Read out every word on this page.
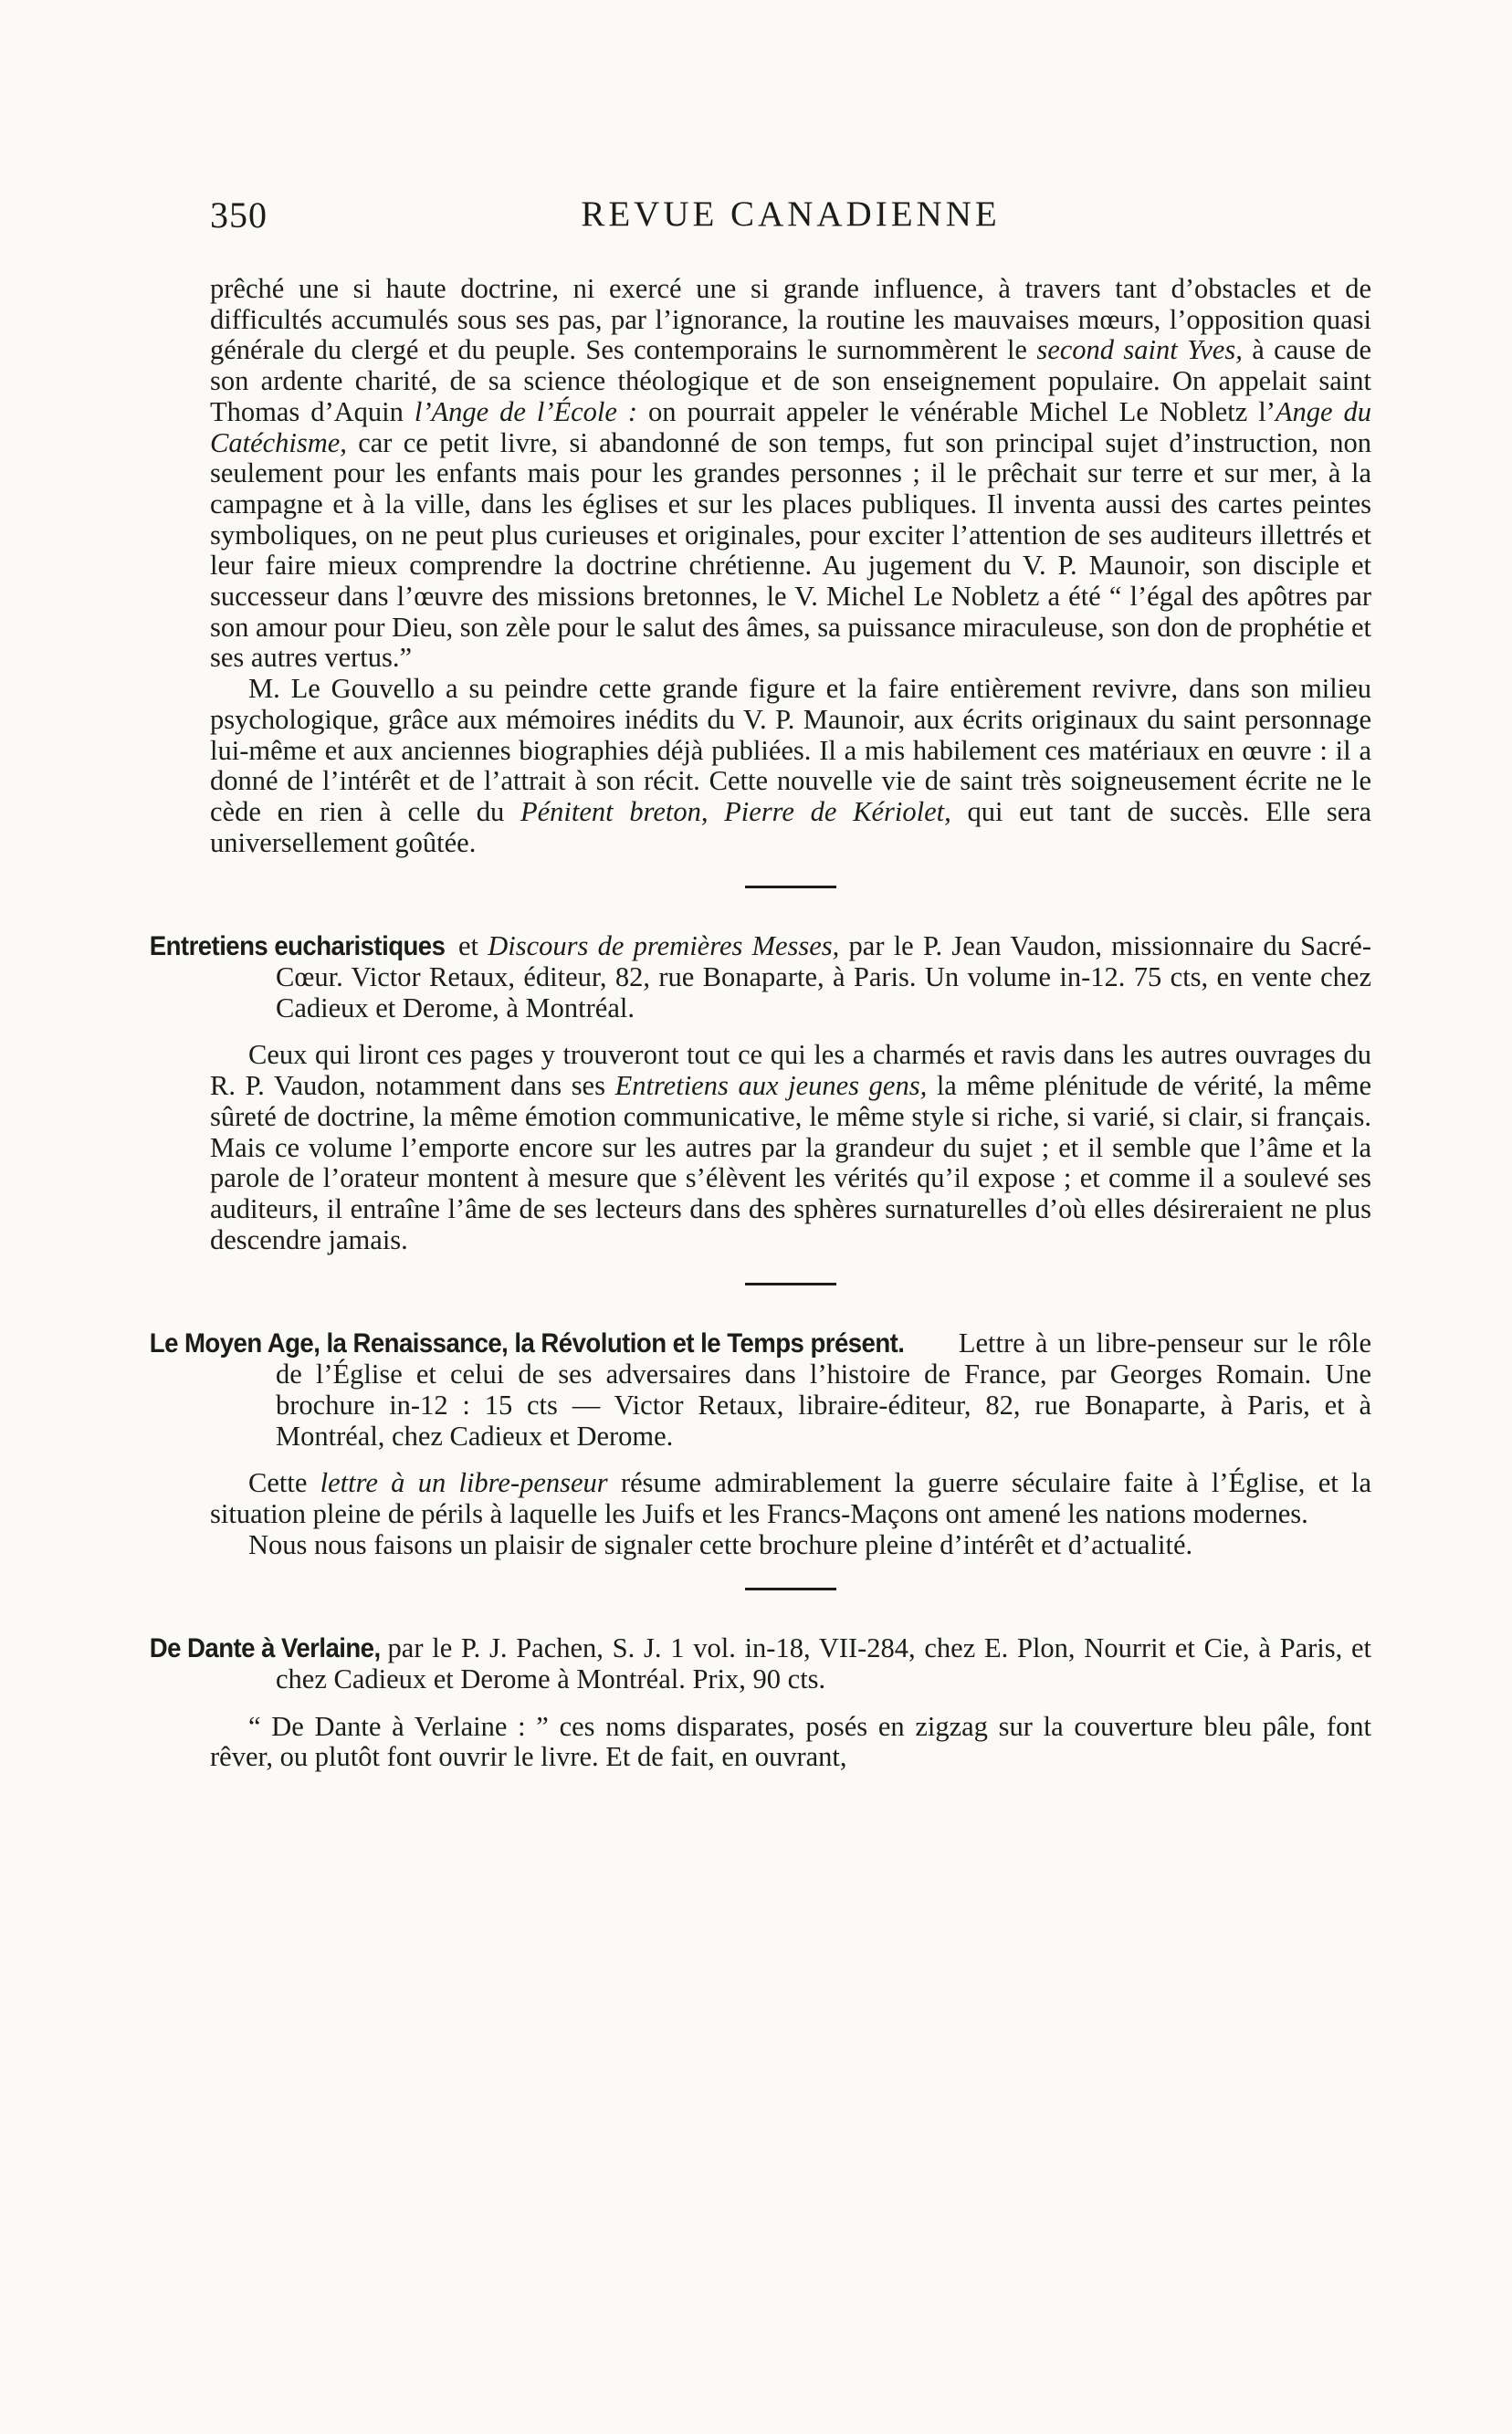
350	REVUE CANADIENNE

prêché une si haute doctrine, ni exercé une si grande influence, à travers tant d’obstacles et de difficultés accumulés sous ses pas, par l’ignorance, la routine les mauvaises mœurs, l’opposition quasi générale du clergé et du peuple. Ses contemporains le surnommèrent le second saint Yves, à cause de son ardente charité, de sa science théologique et de son enseignement populaire. On appelait saint Thomas d’Aquin l’Ange de l’École : on pourrait appeler le vénérable Michel Le Nobletz l’Ange du Catéchisme, car ce petit livre, si abandonné de son temps, fut son principal sujet d’instruction, non seulement pour les enfants mais pour les grandes personnes ; il le prêchait sur terre et sur mer, à la campagne et à la ville, dans les églises et sur les places publiques. Il inventa aussi des cartes peintes symboliques, on ne peut plus curieuses et originales, pour exciter l’attention de ses auditeurs illettrés et leur faire mieux comprendre la doctrine chrétienne. Au jugement du V. P. Maunoir, son disciple et successeur dans l’œuvre des missions bretonnes, le V. Michel Le Nobletz a été “ l’égal des apôtres par son amour pour Dieu, son zèle pour le salut des âmes, sa puissance miraculeuse, son don de prophétie et ses autres vertus.”

M. Le Gouvello a su peindre cette grande figure et la faire entièrement revivre, dans son milieu psychologique, grâce aux mémoires inédits du V. P. Maunoir, aux écrits originaux du saint personnage lui-même et aux anciennes biographies déjà publiées. Il a mis habilement ces matériaux en œuvre : il a donné de l’intérêt et de l’attrait à son récit. Cette nouvelle vie de saint très soigneusement écrite ne le cède en rien à celle du Pénitent breton, Pierre de Kériolet, qui eut tant de succès. Elle sera universellement goûtée.

Entretiens eucharistiques et Discours de premières Messes, par le P. Jean Vaudon, missionnaire du Sacré-Cœur. Victor Retaux, éditeur, 82, rue Bonaparte, à Paris. Un volume in-12. 75 cts, en vente chez Cadieux et Derome, à Montréal.

Ceux qui liront ces pages y trouveront tout ce qui les a charmés et ravis dans les autres ouvrages du R. P. Vaudon, notamment dans ses Entretiens aux jeunes gens, la même plénitude de vérité, la même sûreté de doctrine, la même émotion communicative, le même style si riche, si varié, si clair, si français. Mais ce volume l’emporte encore sur les autres par la grandeur du sujet ; et il semble que l’âme et la parole de l’orateur montent à mesure que s’élèvent les vérités qu’il expose ; et comme il a soulevé ses auditeurs, il entraîne l’âme de ses lecteurs dans des sphères surnaturelles d’où elles désireraient ne plus descendre jamais.

Le Moyen Age, la Renaissance, la Révolution et le Temps présent. Lettre à un libre-penseur sur le rôle de l’Église et celui de ses adversaires dans l’histoire de France, par Georges Romain. Une brochure in-12 : 15 cts — Victor Retaux, libraire-éditeur, 82, rue Bonaparte, à Paris, et à Montréal, chez Cadieux et Derome.

Cette lettre à un libre-penseur résume admirablement la guerre séculaire faite à l’Église, et la situation pleine de périls à laquelle les Juifs et les Francs-Maçons ont amené les nations modernes.

Nous nous faisons un plaisir de signaler cette brochure pleine d’intérêt et d’actualité.

De Dante à Verlaine, par le P. J. Pachen, S. J. 1 vol. in-18, VII-284, chez E. Plon, Nourrit et Cie, à Paris, et chez Cadieux et Derome à Montréal. Prix, 90 cts.

“ De Dante à Verlaine : ” ces noms disparates, posés en zigzag sur la couverture bleu pâle, font rêver, ou plutôt font ouvrir le livre. Et de fait, en ouvrant,
